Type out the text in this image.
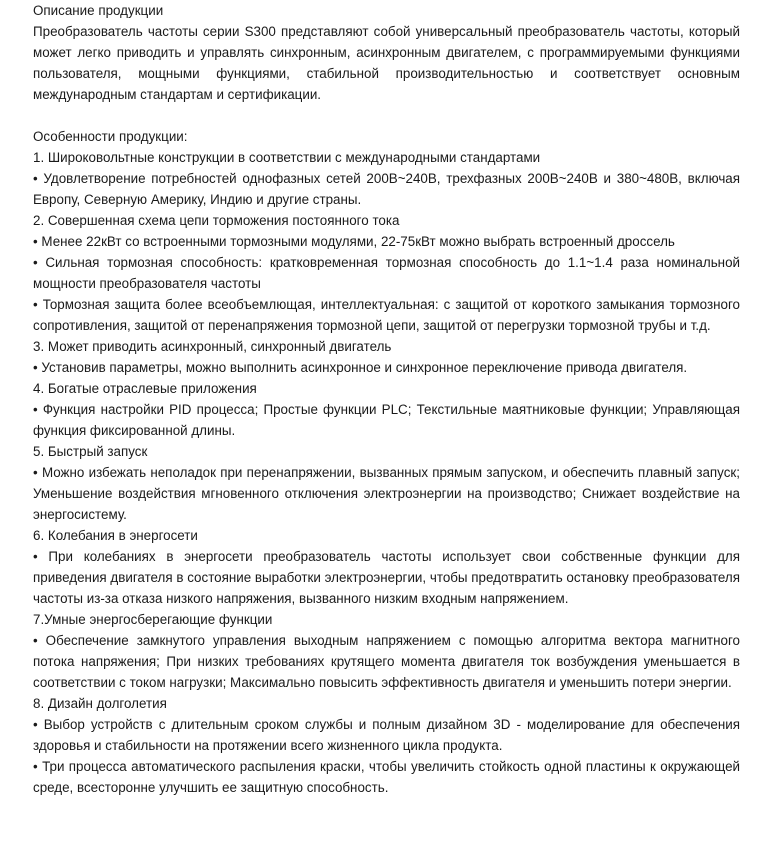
Описание продукции

Преобразователь частоты серии S300 представляют собой универсальный преобразователь частоты, который может легко приводить и управлять синхронным, асинхронным двигателем, с программируемыми функциями пользователя, мощными функциями, стабильной производительностью и соответствует основным международным стандартам и сертификации.

Особенности продукции:

1. Широковольтные конструкции в соответствии с международными стандартами

• Удовлетворение потребностей однофазных сетей 200В~240В, трехфазных 200В~240В и 380~480В, включая Европу, Северную Америку, Индию и другие страны.

2. Совершенная схема цепи торможения постоянного тока

• Менее 22кВт со встроенными тормозными модулями, 22-75кВт можно выбрать встроенный дроссель

• Сильная тормозная способность: кратковременная тормозная способность до 1.1~1.4 раза номинальной мощности преобразователя частоты

• Тормозная защита более всеобъемлющая, интеллектуальная: с защитой от короткого замыкания тормозного сопротивления, защитой от перенапряжения тормозной цепи, защитой от перегрузки тормозной трубы и т.д.

3. Может приводить асинхронный, синхронный двигатель

• Установив параметры, можно выполнить асинхронное и синхронное переключение привода двигателя.

4. Богатые отраслевые приложения

• Функция настройки PID процесса; Простые функции PLC; Текстильные маятниковые функции; Управляющая функция фиксированной длины.

5. Быстрый запуск

• Можно избежать неполадок при перенапряжении, вызванных прямым запуском, и обеспечить плавный запуск; Уменьшение воздействия мгновенного отключения электроэнергии на производство; Снижает воздействие на энергосистему.

6. Колебания в энергосети

• При колебаниях в энергосети преобразователь частоты использует свои собственные функции для приведения двигателя в состояние выработки электроэнергии, чтобы предотвратить остановку преобразователя частоты из-за отказа низкого напряжения, вызванного низким входным напряжением.

7.Умные энергосберегающие функции

• Обеспечение замкнутого управления выходным напряжением с помощью алгоритма вектора магнитного потока напряжения; При низких требованиях крутящего момента двигателя ток возбуждения уменьшается в соответствии с током нагрузки; Максимально повысить эффективность двигателя и уменьшить потери энергии.

8. Дизайн долголетия

• Выбор устройств с длительным сроком службы и полным дизайном 3D - моделирование для обеспечения здоровья и стабильности на протяжении всего жизненного цикла продукта.

• Три процесса автоматического распыления краски, чтобы увеличить стойкость одной пластины к окружающей среде, всесторонне улучшить ее защитную способность.
